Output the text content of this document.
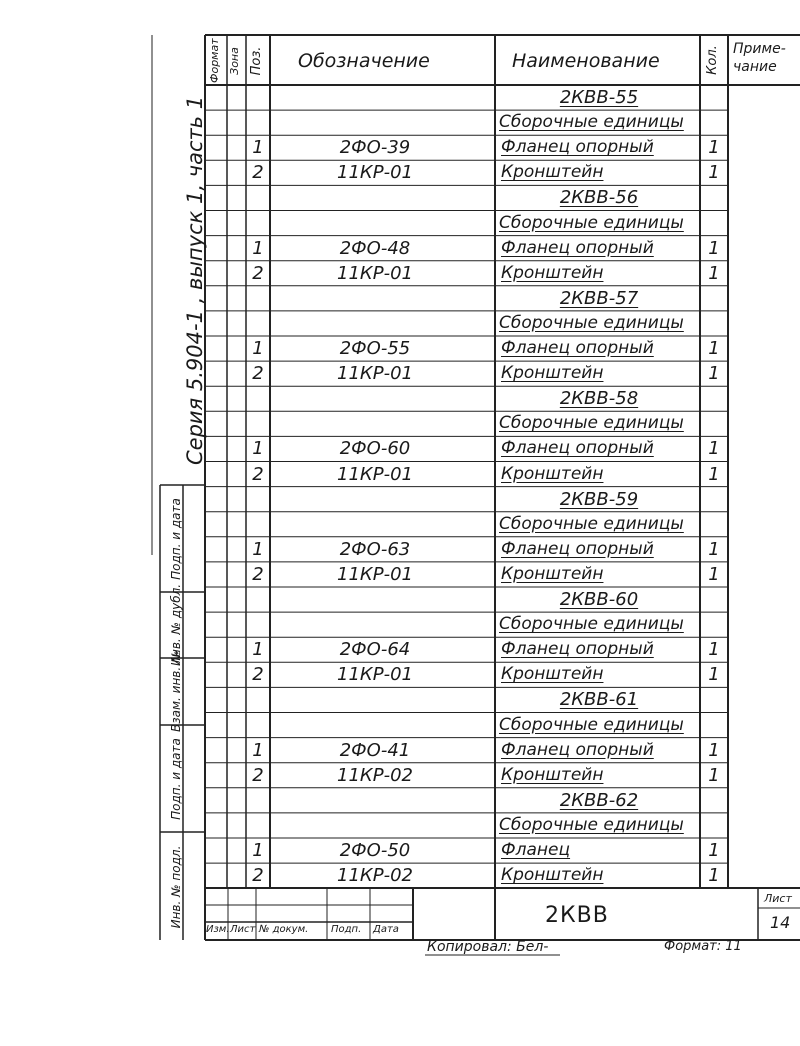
Серия 5.904-1 , выпуск 1, часть 1
Формат Зона Поз. Обозначение	Наименование	Кол. Приме-
чание
2КВВ-55
Сборочные единицы
1	2ФО-39	Фланец опорный	1
2	11КР-01	Кронштейн	1
2КВВ-56
Сборочные единицы
1	2ФО-48	Фланец опорный	1
2	11КР-01	Кронштейн	1
2КВВ-57
Сборочные единицы
1	2ФО-55	Фланец опорный	1
2	11КР-01	Кронштейн	1
2КВВ-58
Сборочные единицы
1	2ФО-60	Фланец опорный	1
2	11КР-01	Кронштейн	1
2КВВ-59
Сборочные единицы
1	2ФО-63	Фланец опорный	1
2	11КР-01	Кронштейн	1
2КВВ-60
Сборочные единицы
1	2ФО-64	Фланец опорный	1
2	11КР-01	Кронштейн	1
2КВВ-61
Сборочные единицы
1	2ФО-41	Фланец опорный	1
2	11КР-02	Кронштейн	1
2КВВ-62
Сборочные единицы
1	2ФО-50	Фланец	1
2	11КР-02	Кронштейн	1
Инв. № подл.
Подп. и дата
Взам. инв. №
Инв. № дубл.
Подп. и дата
Изм. Лист № докум. Подп. Дата
2КВВ
Лист
14
Копировал: Бел-	Формат: 11
